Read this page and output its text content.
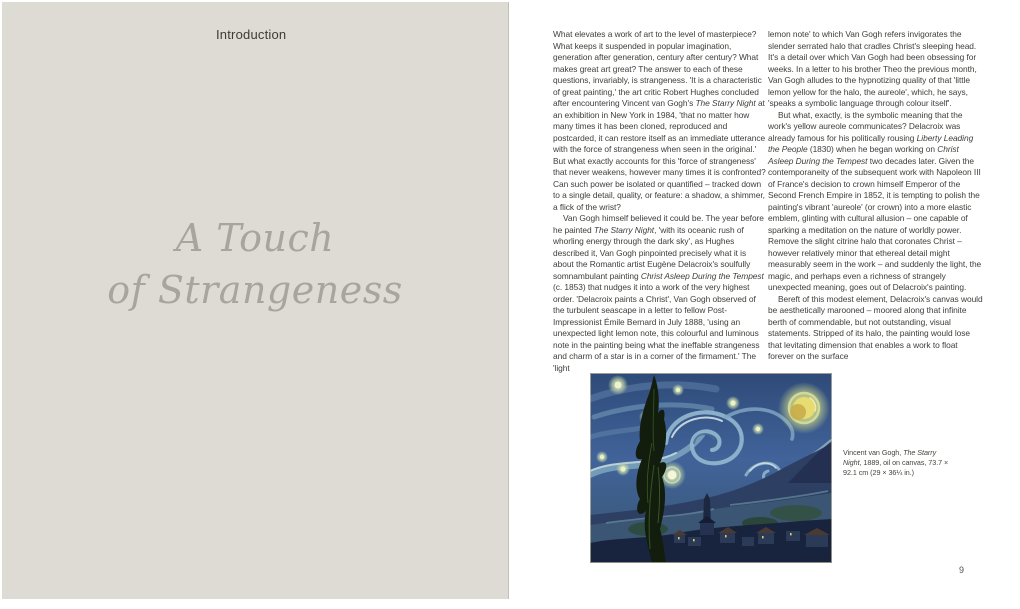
Introduction
A Touch
of Strangeness

What elevates a work of art to the level of masterpiece? What keeps it suspended in popular imagination, generation after generation, century after century? What makes great art great? The answer to each of these questions, invariably, is strangeness. 'It is a characteristic of great painting,' the art critic Robert Hughes concluded after encountering Vincent van Gogh's The Starry Night at an exhibition in New York in 1984, 'that no matter how many times it has been cloned, reproduced and postcarded, it can restore itself as an immediate utterance with the force of strangeness when seen in the original.' But what exactly accounts for this 'force of strangeness' that never weakens, however many times it is confronted? Can such power be isolated or quantified – tracked down to a single detail, quality, or feature: a shadow, a shimmer, a flick of the wrist?

Van Gogh himself believed it could be. The year before he painted The Starry Night, 'with its oceanic rush of whorling energy through the dark sky', as Hughes described it, Van Gogh pinpointed precisely what it is about the Romantic artist Eugène Delacroix's soulfully somnambulant painting Christ Asleep During the Tempest (c. 1853) that nudges it into a work of the very highest order. 'Delacroix paints a Christ', Van Gogh observed of the turbulent seascape in a letter to fellow Post-Impressionist Émile Bernard in July 1888, 'using an unexpected light lemon note, this colourful and luminous note in the painting being what the ineffable strangeness and charm of a star is in a corner of the firmament.' The 'light

lemon note' to which Van Gogh refers invigorates the slender serrated halo that cradles Christ's sleeping head. It's a detail over which Van Gogh had been obsessing for weeks. In a letter to his brother Theo the previous month, Van Gogh alludes to the hypnotizing quality of that 'little lemon yellow for the halo, the aureole', which, he says, 'speaks a symbolic language through colour itself'.

But what, exactly, is the symbolic meaning that the work's yellow aureole communicates? Delacroix was already famous for his politically rousing Liberty Leading the People (1830) when he began working on Christ Asleep During the Tempest two decades later. Given the contemporaneity of the subsequent work with Napoleon III of France's decision to crown himself Emperor of the Second French Empire in 1852, it is tempting to polish the painting's vibrant 'aureole' (or crown) into a more elastic emblem, glinting with cultural allusion – one capable of sparking a meditation on the nature of worldly power. Remove the slight citrine halo that coronates Christ – however relatively minor that ethereal detail might measurably seem in the work – and suddenly the light, the magic, and perhaps even a richness of strangely unexpected meaning, goes out of Delacroix's painting.

Bereft of this modest element, Delacroix's canvas would be aesthetically marooned – moored along that infinite berth of commendable, but not outstanding, visual statements. Stripped of its halo, the painting would lose that levitating dimension that enables a work to float forever on the surface

Vincent van Gogh, The Starry Night, 1889, oil on canvas, 73.7 × 92.1 cm (29 × 36¼ in.)
9
